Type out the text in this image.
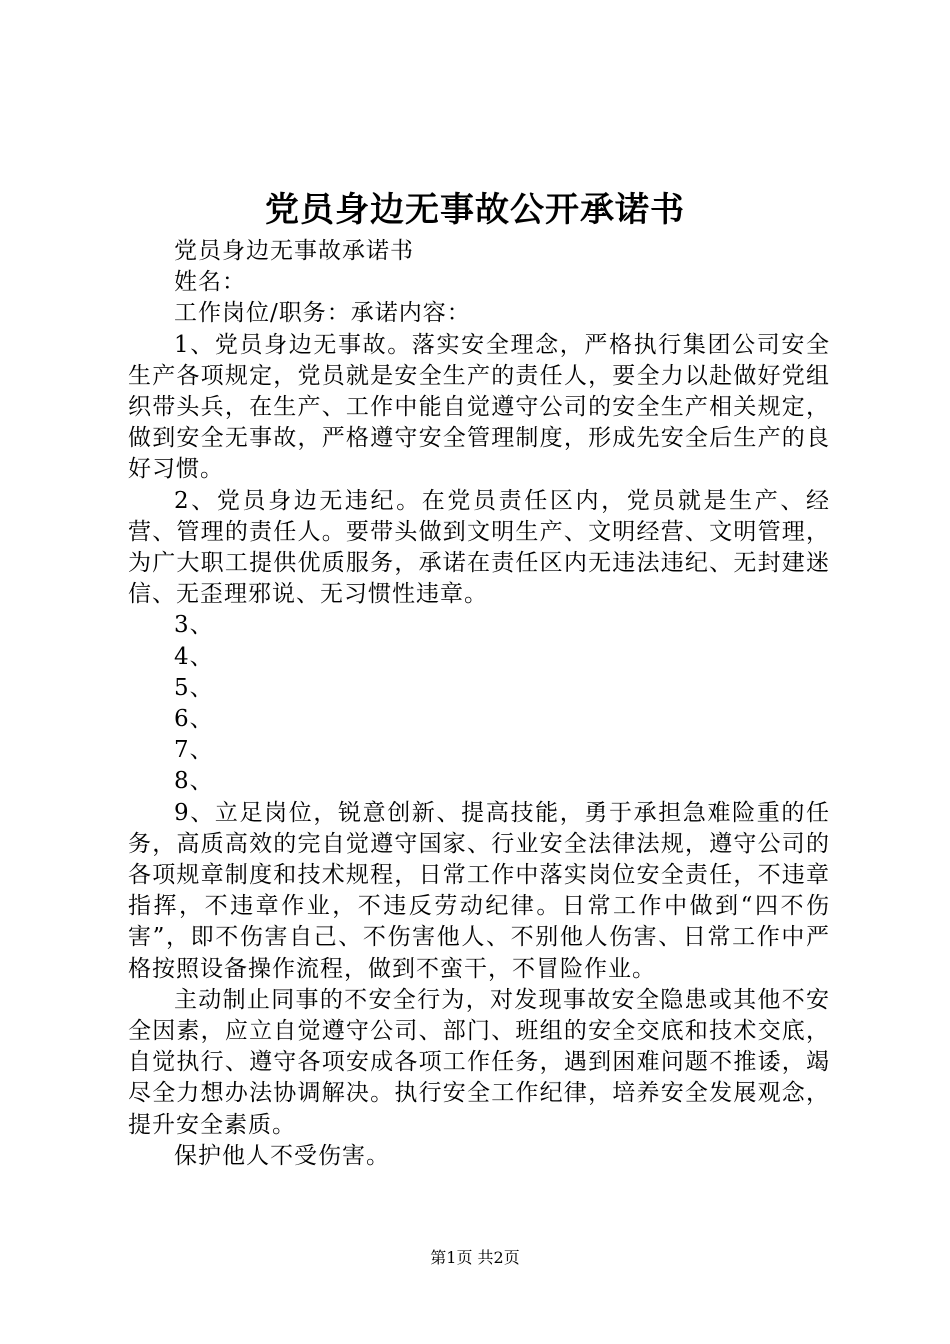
党员身边无事故公开承诺书

党员身边无事故承诺书

姓名：

工作岗位/职务：承诺内容：

1、党员身边无事故。落实安全理念，严格执行集团公司安全生产各项规定，党员就是安全生产的责任人，要全力以赴做好党组织带头兵，在生产、工作中能自觉遵守公司的安全生产相关规定，做到安全无事故，严格遵守安全管理制度，形成先安全后生产的良好习惯。

2、党员身边无违纪。在党员责任区内，党员就是生产、经营、管理的责任人。要带头做到文明生产、文明经营、文明管理，为广大职工提供优质服务，承诺在责任区内无违法违纪、无封建迷信、无歪理邪说、无习惯性违章。

3、

4、

5、

6、

7、

8、

9、立足岗位，锐意创新、提高技能，勇于承担急难险重的任务，高质高效的完自觉遵守国家、行业安全法律法规，遵守公司的各项规章制度和技术规程，日常工作中落实岗位安全责任，不违章指挥，不违章作业，不违反劳动纪律。日常工作中做到“四不伤害”，即不伤害自己、不伤害他人、不别他人伤害、日常工作中严格按照设备操作流程，做到不蛮干，不冒险作业。

主动制止同事的不安全行为，对发现事故安全隐患或其他不安全因素，应立自觉遵守公司、部门、班组的安全交底和技术交底，自觉执行、遵守各项安成各项工作任务，遇到困难问题不推诿，竭尽全力想办法协调解决。执行安全工作纪律，培养安全发展观念，提升安全素质。

保护他人不受伤害。

第1页 共2页
